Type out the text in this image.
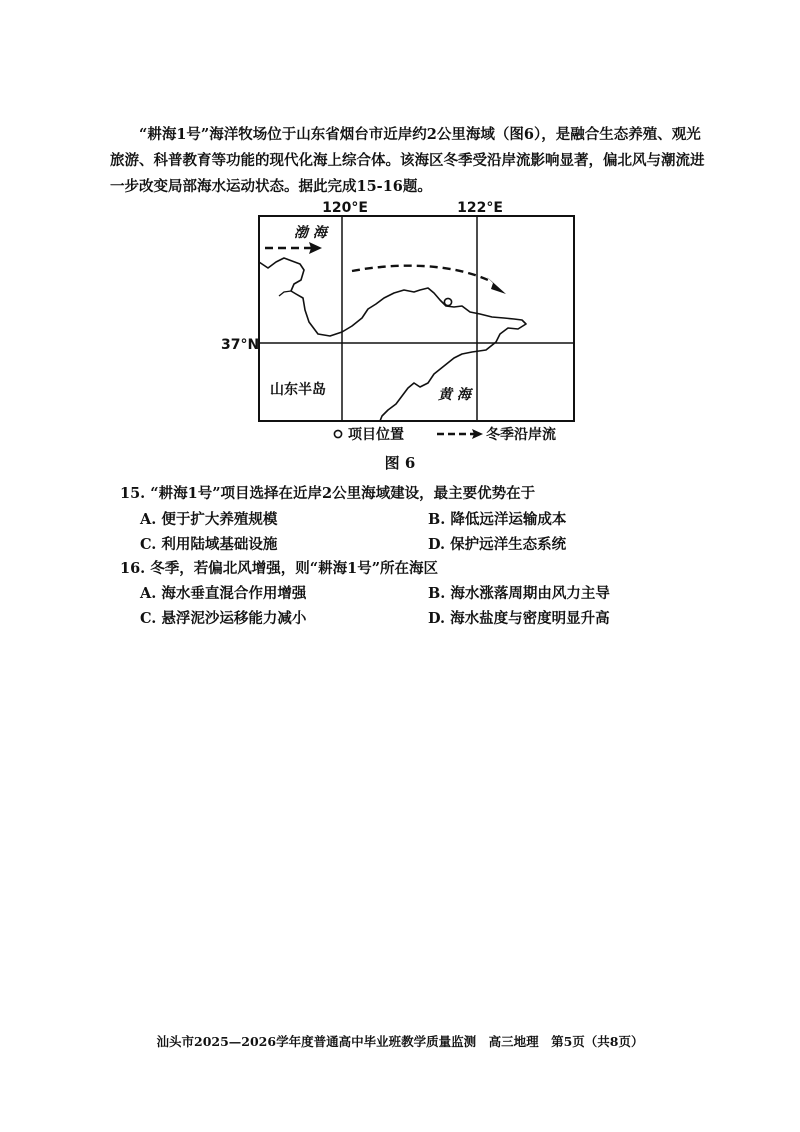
“耕海1号”海洋牧场位于山东省烟台市近岸约2公里海域（图6），是融合生态养殖、观光旅游、科普教育等功能的现代化海上综合体。该海区冬季受沿岸流影响显著，偏北风与潮流进一步改变局部海水运动状态。据此完成15-16题。

120°E	122°E
37°N
渤 海
山东半岛	黄 海
项目位置	冬季沿岸流
图 6
15. “耕海1号”项目选择在近岸2公里海域建设，最主要优势在于
A. 便于扩大养殖规模	B. 降低远洋运输成本
C. 利用陆域基础设施	D. 保护远洋生态系统
16. 冬季，若偏北风增强，则“耕海1号”所在海区
A. 海水垂直混合作用增强	B. 海水涨落周期由风力主导
C. 悬浮泥沙运移能力减小	D. 海水盐度与密度明显升高
汕头市2025—2026学年度普通高中毕业班教学质量监测　高三地理　第5页（共8页）
